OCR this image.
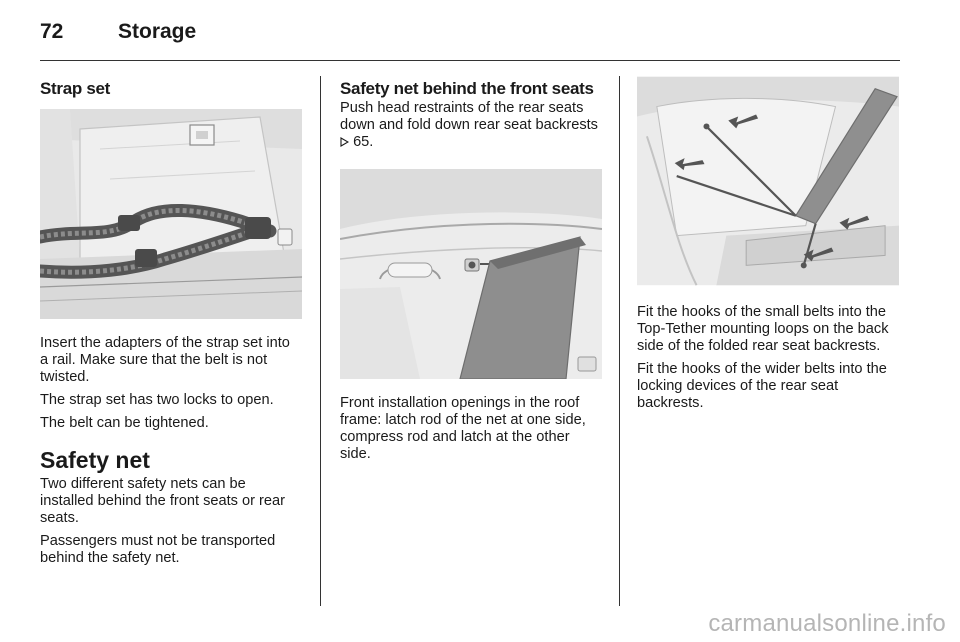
72	Storage
Strap set

Insert the adapters of the strap set into a rail. Make sure that the belt is not twisted.

The strap set has two locks to open.

The belt can be tightened.

Safety net

Two different safety nets can be installed behind the front seats or rear seats.

Passengers must not be transported behind the safety net.

Safety net behind the front seats

Push head restraints of the rear seats down and fold down rear seat backrests
65.

Front installation openings in the roof frame: latch rod of the net at one side, compress rod and latch at the other side.

Fit the hooks of the small belts into the Top-Tether mounting loops on the back side of the folded rear seat backrests.

Fit the hooks of the wider belts into the locking devices of the rear seat backrests.

carmanualsonline.info
